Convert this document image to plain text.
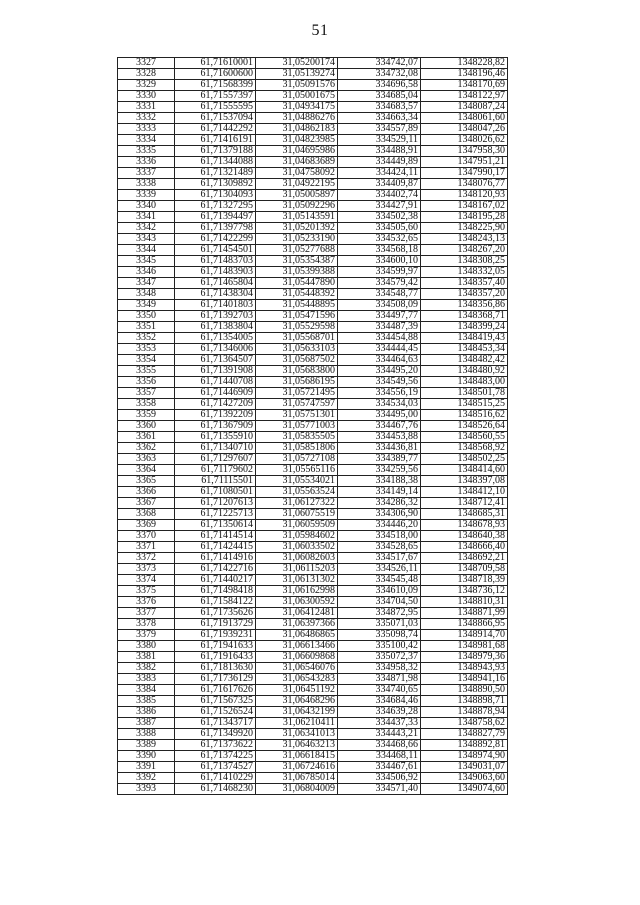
51
3327	61,71610001	31,05200174	334742,07	1348228,82
3328	61,71600600	31,05139274	334732,08	1348196,46
3329	61,71568399	31,05091576	334696,58	1348170,69
3330	61,71557397	31,05001675	334685,04	1348122,97
3331	61,71555595	31,04934175	334683,57	1348087,24
3332	61,71537094	31,04886276	334663,34	1348061,60
3333	61,71442292	31,04862183	334557,89	1348047,26
3334	61,71416191	31,04823985	334529,11	1348026,62
3335	61,71379188	31,04695986	334488,91	1347958,30
3336	61,71344088	31,04683689	334449,89	1347951,21
3337	61,71321489	31,04758092	334424,11	1347990,17
3338	61,71309892	31,04922195	334409,87	1348076,77
3339	61,71304093	31,05005897	334402,74	1348120,93
3340	61,71327295	31,05092296	334427,91	1348167,02
3341	61,71394497	31,05143591	334502,38	1348195,28
3342	61,71397798	31,05201392	334505,60	1348225,90
3343	61,71422299	31,05233190	334532,65	1348243,13
3344	61,71454501	31,05277688	334568,18	1348267,20
3345	61,71483703	31,05354387	334600,10	1348308,25
3346	61,71483903	31,05399388	334599,97	1348332,05
3347	61,71465804	31,05447890	334579,42	1348357,40
3348	61,71438304	31,05448392	334548,77	1348357,20
3349	61,71401803	31,05448895	334508,09	1348356,86
3350	61,71392703	31,05471596	334497,77	1348368,71
3351	61,71383804	31,05529598	334487,39	1348399,24
3352	61,71354005	31,05568701	334454,88	1348419,43
3353	61,71346006	31,05633103	334444,45	1348453,34
3354	61,71364507	31,05687502	334464,63	1348482,42
3355	61,71391908	31,05683800	334495,20	1348480,92
3356	61,71440708	31,05686195	334549,56	1348483,00
3357	61,71446909	31,05721495	334556,19	1348501,78
3358	61,71427209	31,05747597	334534,03	1348515,25
3359	61,71392209	31,05751301	334495,00	1348516,62
3360	61,71367909	31,05771003	334467,76	1348526,64
3361	61,71355910	31,05835505	334453,88	1348560,55
3362	61,71340710	31,05851806	334436,81	1348568,92
3363	61,71297607	31,05727108	334389,77	1348502,25
3364	61,71179602	31,05565116	334259,56	1348414,60
3365	61,71115501	31,05534021	334188,38	1348397,08
3366	61,71080501	31,05563524	334149,14	1348412,10
3367	61,71207613	31,06127322	334286,32	1348712,41
3368	61,71225713	31,06075519	334306,90	1348685,31
3369	61,71350614	31,06059509	334446,20	1348678,93
3370	61,71414514	31,05984602	334518,00	1348640,38
3371	61,71424415	31,06033502	334528,65	1348666,40
3372	61,71414916	31,06082603	334517,67	1348692,21
3373	61,71422716	31,06115203	334526,11	1348709,58
3374	61,71440217	31,06131302	334545,48	1348718,39
3375	61,71498418	31,06162998	334610,09	1348736,12
3376	61,71584122	31,06300592	334704,50	1348810,31
3377	61,71735626	31,06412481	334872,95	1348871,99
3378	61,71913729	31,06397366	335071,03	1348866,95
3379	61,71939231	31,06486865	335098,74	1348914,70
3380	61,71941633	31,06613466	335100,42	1348981,68
3381	61,71916433	31,06609868	335072,37	1348979,36
3382	61,71813630	31,06546076	334958,32	1348943,93
3383	61,71736129	31,06543283	334871,98	1348941,16
3384	61,71617626	31,06451192	334740,65	1348890,50
3385	61,71567325	31,06468296	334684,46	1348898,71
3386	61,71526524	31,06432199	334639,28	1348878,94
3387	61,71343717	31,06210411	334437,33	1348758,62
3388	61,71349920	31,06341013	334443,21	1348827,79
3389	61,71373622	31,06463213	334468,66	1348892,81
3390	61,71374225	31,06618415	334468,11	1348974,90
3391	61,71374527	31,06724616	334467,61	1349031,07
3392	61,71410229	31,06785014	334506,92	1349063,60
3393	61,71468230	31,06804009	334571,40	1349074,60
